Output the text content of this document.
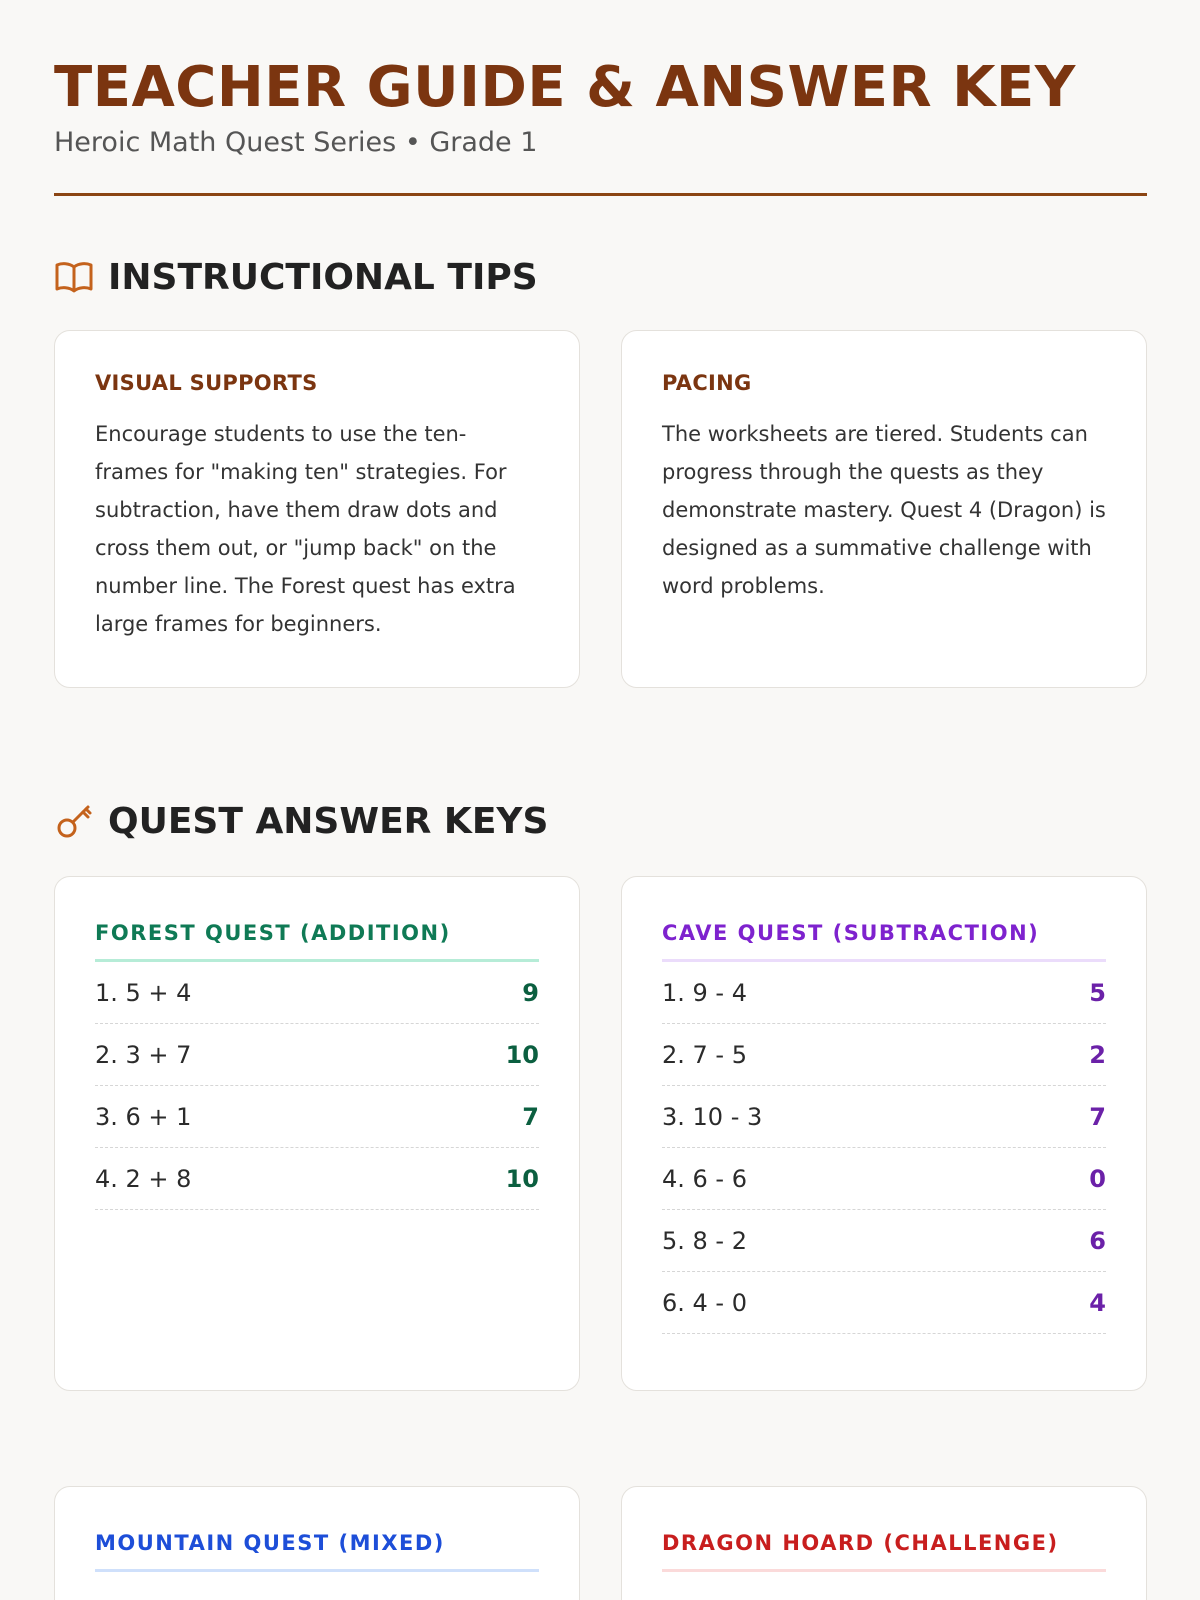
TEACHER GUIDE & ANSWER KEY
Heroic Math Quest Series • Grade 1
INSTRUCTIONAL TIPS
VISUAL SUPPORTS

Encourage students to use the ten-frames for "making ten" strategies. For subtraction, have them draw dots and cross them out, or "jump back" on the number line. The Forest quest has extra large frames for beginners.

PACING

The worksheets are tiered. Students can progress through the quests as they demonstrate mastery. Quest 4 (Dragon) is designed as a summative challenge with word problems.

QUEST ANSWER KEYS
FOREST QUEST (ADDITION)
1. 5 + 4	9
2. 3 + 7	10
3. 6 + 1	7
4. 2 + 8	10
CAVE QUEST (SUBTRACTION)
1. 9 - 4	5
2. 7 - 5	2
3. 10 - 3	7
4. 6 - 6	0
5. 8 - 2	6
6. 4 - 0	4
MOUNTAIN QUEST (MIXED)	DRAGON HOARD (CHALLENGE)
